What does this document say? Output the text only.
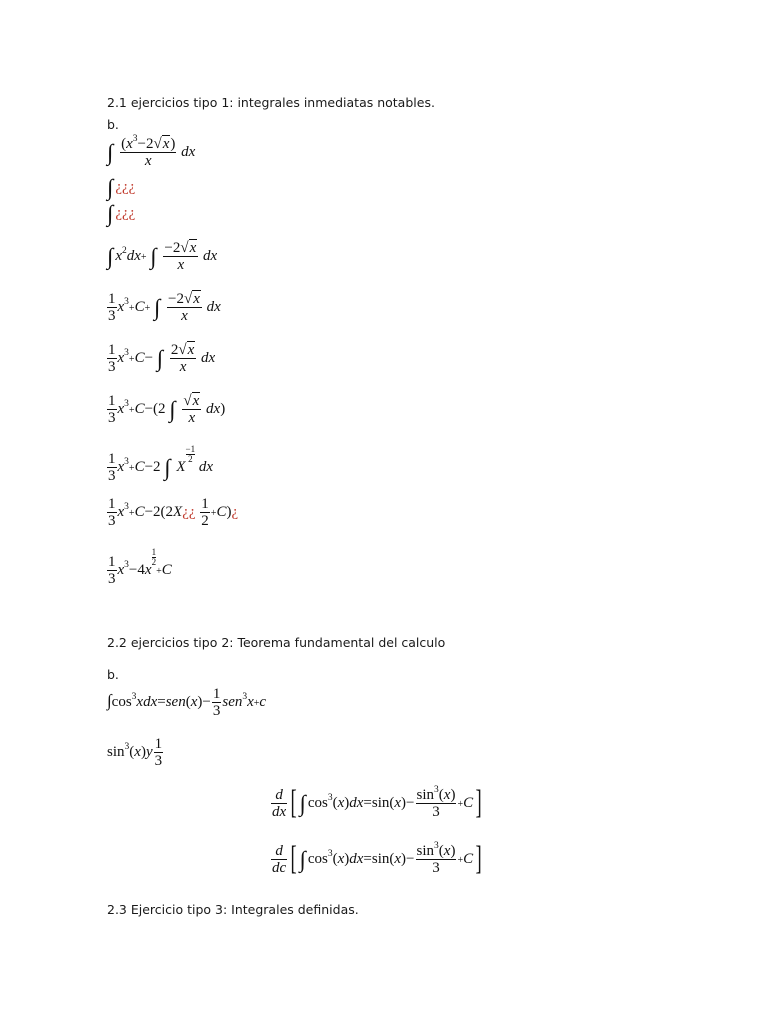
2.1 ejercicios tipo 1: integrales inmediatas notables.
b.
∫ $\frac{(x^3-2√x)}{x}$ dx
∫ ¿¿¿
∫ ¿¿¿
∫ $x^2dx+$ ∫ $\frac{-2√x}{x}$ dx
$\frac{1}{3} x^3+C+$ ∫ $\frac{-2√x}{x}$ dx
$\frac{1}{3} x^3+C-$ ∫ $\frac{2√x}{x}$ dx
$\frac{1}{3} x^3+C-(2$ ∫ $\frac{√x}{x} dx$)
$\frac{1}{3} x^3+C-2$ ∫ X
$\frac{-1}{2}$
dx
$\frac{1}{3}$ $x^3+C-2(2X¿¿ \frac{1}{2}$ +C)¿
$\frac{1}{3} x^3-4x$
$\frac{1}{2}$
+C
2.2 ejercicios tipo 2: Teorema fundamental del calculo
b.
$\int\cos^3xdx=sen(x)- \frac{1}{3} sen^3x+c$
$\sin^3(x)y \frac{1}{3}$
$\frac{d}{dx}$ [ ∫ $\cos^3(x)dx=\sin(x)- \frac{\sin^3(x)}{3} +C$]
$\frac{d}{dc}$ [ ∫ $\cos^3(x)dx=\sin(x)- \frac{\sin^3(x)}{3} +C$]
2.3 Ejercicio tipo 3: Integrales definidas.
